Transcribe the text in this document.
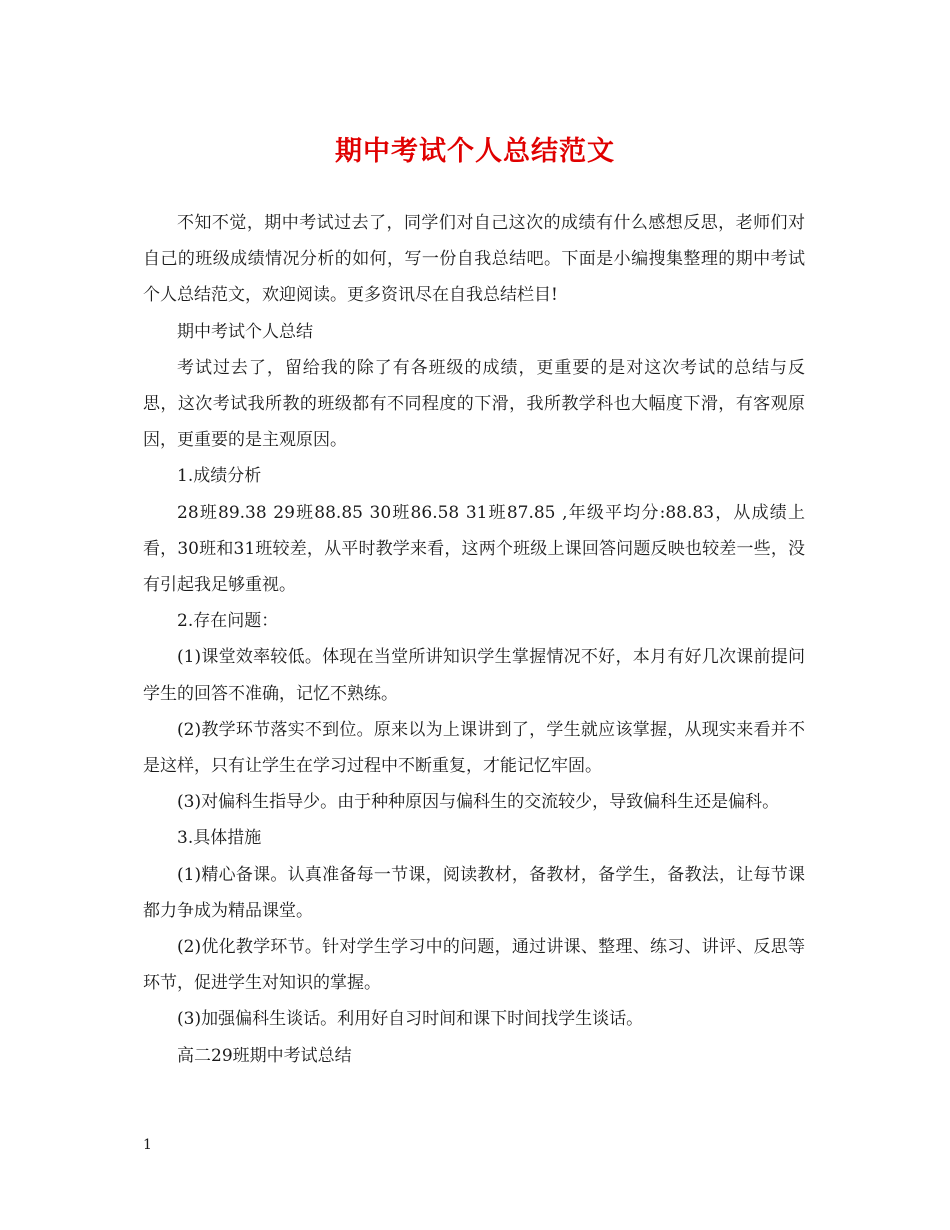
期中考试个人总结范文

不知不觉，期中考试过去了，同学们对自己这次的成绩有什么感想反思，老师们对自己的班级成绩情况分析的如何，写一份自我总结吧。下面是小编搜集整理的期中考试个人总结范文，欢迎阅读。更多资讯尽在自我总结栏目!

期中考试个人总结

考试过去了，留给我的除了有各班级的成绩，更重要的是对这次考试的总结与反思，这次考试我所教的班级都有不同程度的下滑，我所教学科也大幅度下滑，有客观原因，更重要的是主观原因。

1.成绩分析

28班89.38 29班88.85 30班86.58 31班87.85 ,年级平均分:88.83，从成绩上看，30班和31班较差，从平时教学来看，这两个班级上课回答问题反映也较差一些，没有引起我足够重视。

2.存在问题：

(1)课堂效率较低。体现在当堂所讲知识学生掌握情况不好，本月有好几次课前提问学生的回答不准确，记忆不熟练。

(2)教学环节落实不到位。原来以为上课讲到了，学生就应该掌握，从现实来看并不是这样，只有让学生在学习过程中不断重复，才能记忆牢固。

(3)对偏科生指导少。由于种种原因与偏科生的交流较少，导致偏科生还是偏科。

3.具体措施

(1)精心备课。认真准备每一节课，阅读教材，备教材，备学生，备教法，让每节课都力争成为精品课堂。

(2)优化教学环节。针对学生学习中的问题，通过讲课、整理、练习、讲评、反思等环节，促进学生对知识的掌握。

(3)加强偏科生谈话。利用好自习时间和课下时间找学生谈话。

高二29班期中考试总结

1
